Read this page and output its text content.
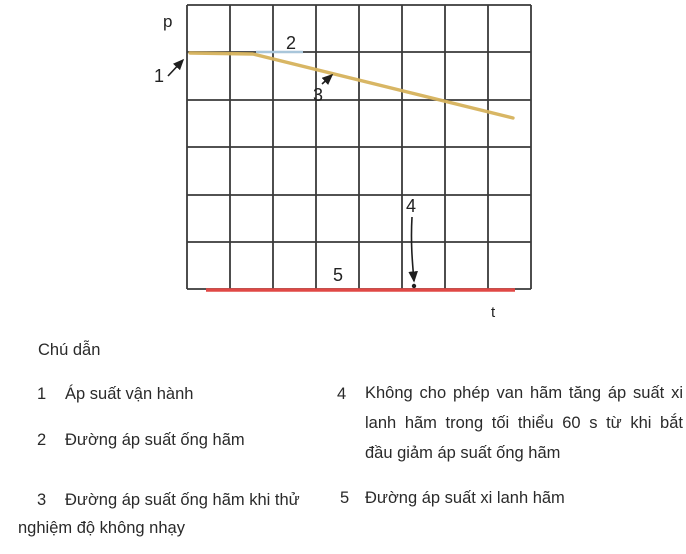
p
t
1
2
3
4
5
Chú dẫn
1 Áp suất vận hành
2 Đường áp suất ống hãm
3 Đường áp suất ống hãm khi thử
nghiệm độ không nhạy
4 Không cho phép van hãm tăng áp suất xi
lanh hãm trong tối thiểu 60 s từ khi bắt
đầu giảm áp suất ống hãm
5 Đường áp suất xi lanh hãm
